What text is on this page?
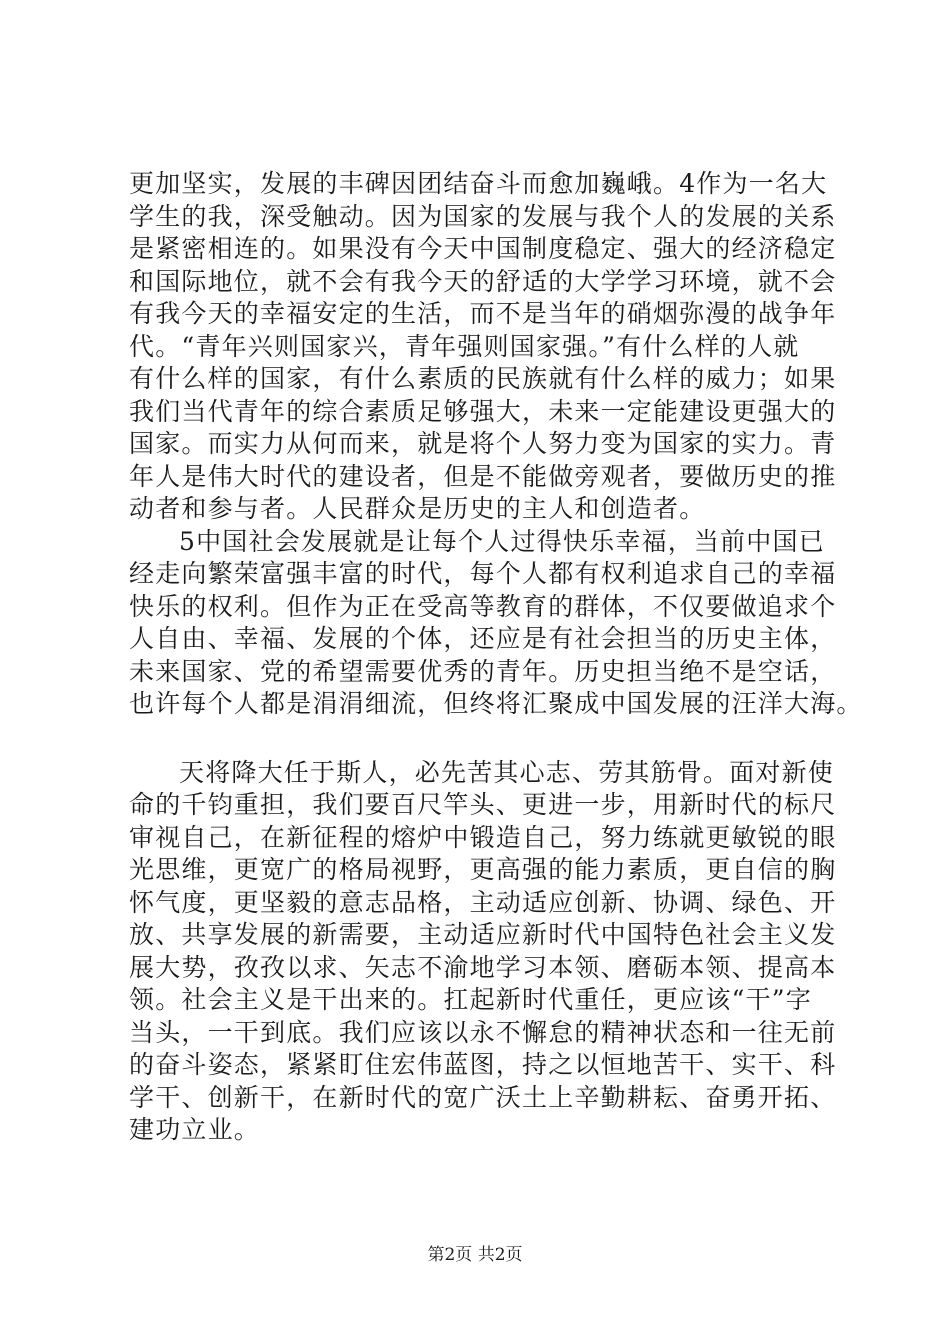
更加坚实，发展的丰碑因团结奋斗而愈加巍峨。4作为一名大
学生的我，深受触动。因为国家的发展与我个人的发展的关系
是紧密相连的。如果没有今天中国制度稳定、强大的经济稳定
和国际地位，就不会有我今天的舒适的大学学习环境，就不会
有我今天的幸福安定的生活，而不是当年的硝烟弥漫的战争年
代。“青年兴则国家兴，青年强则国家强。”有什么样的人就
有什么样的国家，有什么素质的民族就有什么样的威力；如果
我们当代青年的综合素质足够强大，未来一定能建设更强大的
国家。而实力从何而来，就是将个人努力变为国家的实力。青
年人是伟大时代的建设者，但是不能做旁观者，要做历史的推
动者和参与者。人民群众是历史的主人和创造者。
5中国社会发展就是让每个人过得快乐幸福，当前中国已
经走向繁荣富强丰富的时代，每个人都有权利追求自己的幸福
快乐的权利。但作为正在受高等教育的群体，不仅要做追求个
人自由、幸福、发展的个体，还应是有社会担当的历史主体，
未来国家、党的希望需要优秀的青年。历史担当绝不是空话，
也许每个人都是涓涓细流，但终将汇聚成中国发展的汪洋大海。
天将降大任于斯人，必先苦其心志、劳其筋骨。面对新使
命的千钧重担，我们要百尺竿头、更进一步，用新时代的标尺
审视自己，在新征程的熔炉中锻造自己，努力练就更敏锐的眼
光思维，更宽广的格局视野，更高强的能力素质，更自信的胸
怀气度，更坚毅的意志品格，主动适应创新、协调、绿色、开
放、共享发展的新需要，主动适应新时代中国特色社会主义发
展大势，孜孜以求、矢志不渝地学习本领、磨砺本领、提高本
领。社会主义是干出来的。扛起新时代重任，更应该“干”字
当头，一干到底。我们应该以永不懈怠的精神状态和一往无前
的奋斗姿态，紧紧盯住宏伟蓝图，持之以恒地苦干、实干、科
学干、创新干，在新时代的宽广沃土上辛勤耕耘、奋勇开拓、
建功立业。
第2页 共2页
